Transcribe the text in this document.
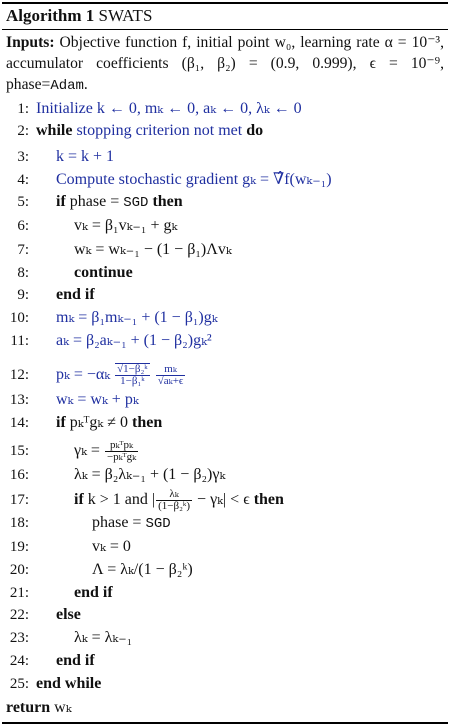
Algorithm 1 SWATS
Inputs: Objective function f, initial point w₀, learning rate α = 10⁻³, accumulator coefficients (β₁, β₂) = (0.9, 0.999), ϵ = 10⁻⁹, phase=Adam.
1: Initialize k ← 0, mₖ ← 0, aₖ ← 0, λₖ ← 0
2: while stopping criterion not met do
3: k = k + 1
4: Compute stochastic gradient gₖ = ∇̂f(wₖ₋₁)
5: if phase = SGD then
6:	vₖ = β₁vₖ₋₁ + gₖ
7:	wₖ = wₖ₋₁ − (1 − β₁)Λvₖ
8:	continue
9: end if
10: mₖ = β₁mₖ₋₁ + (1 − β₁)gₖ
11: aₖ = β₂aₖ₋₁ + (1 − β₂)gₖ²
12: $p_k = -\alpha_k \frac{\text{√1−β₂ᵏ}}{\text{1−β₁ᵏ}}$
$\frac{\text{mₖ}}{\text{√aₖ+ϵ}}$
13: wₖ = wₖ + pₖ
14: if pₖᵀgₖ ≠ 0 then
15:	$\gamma_k = \frac{\text{pₖᵀpₖ}}{\text{−pₖᵀgₖ}}$
16:	λₖ = β₂λₖ₋₁ + (1 − β₂)γₖ
17:	if k > 1 and | $\frac{\text{λₖ}}{\text{(1−β₂ᵏ)}} - \gamma_k| < \epsilon$ then
18:	phase = SGD
19:	vₖ = 0
20:	Λ = λₖ/(1 − β₂ᵏ)
21:	end if
22: else
23:	λₖ = λₖ₋₁
24: end if
25: end while
return wₖ
